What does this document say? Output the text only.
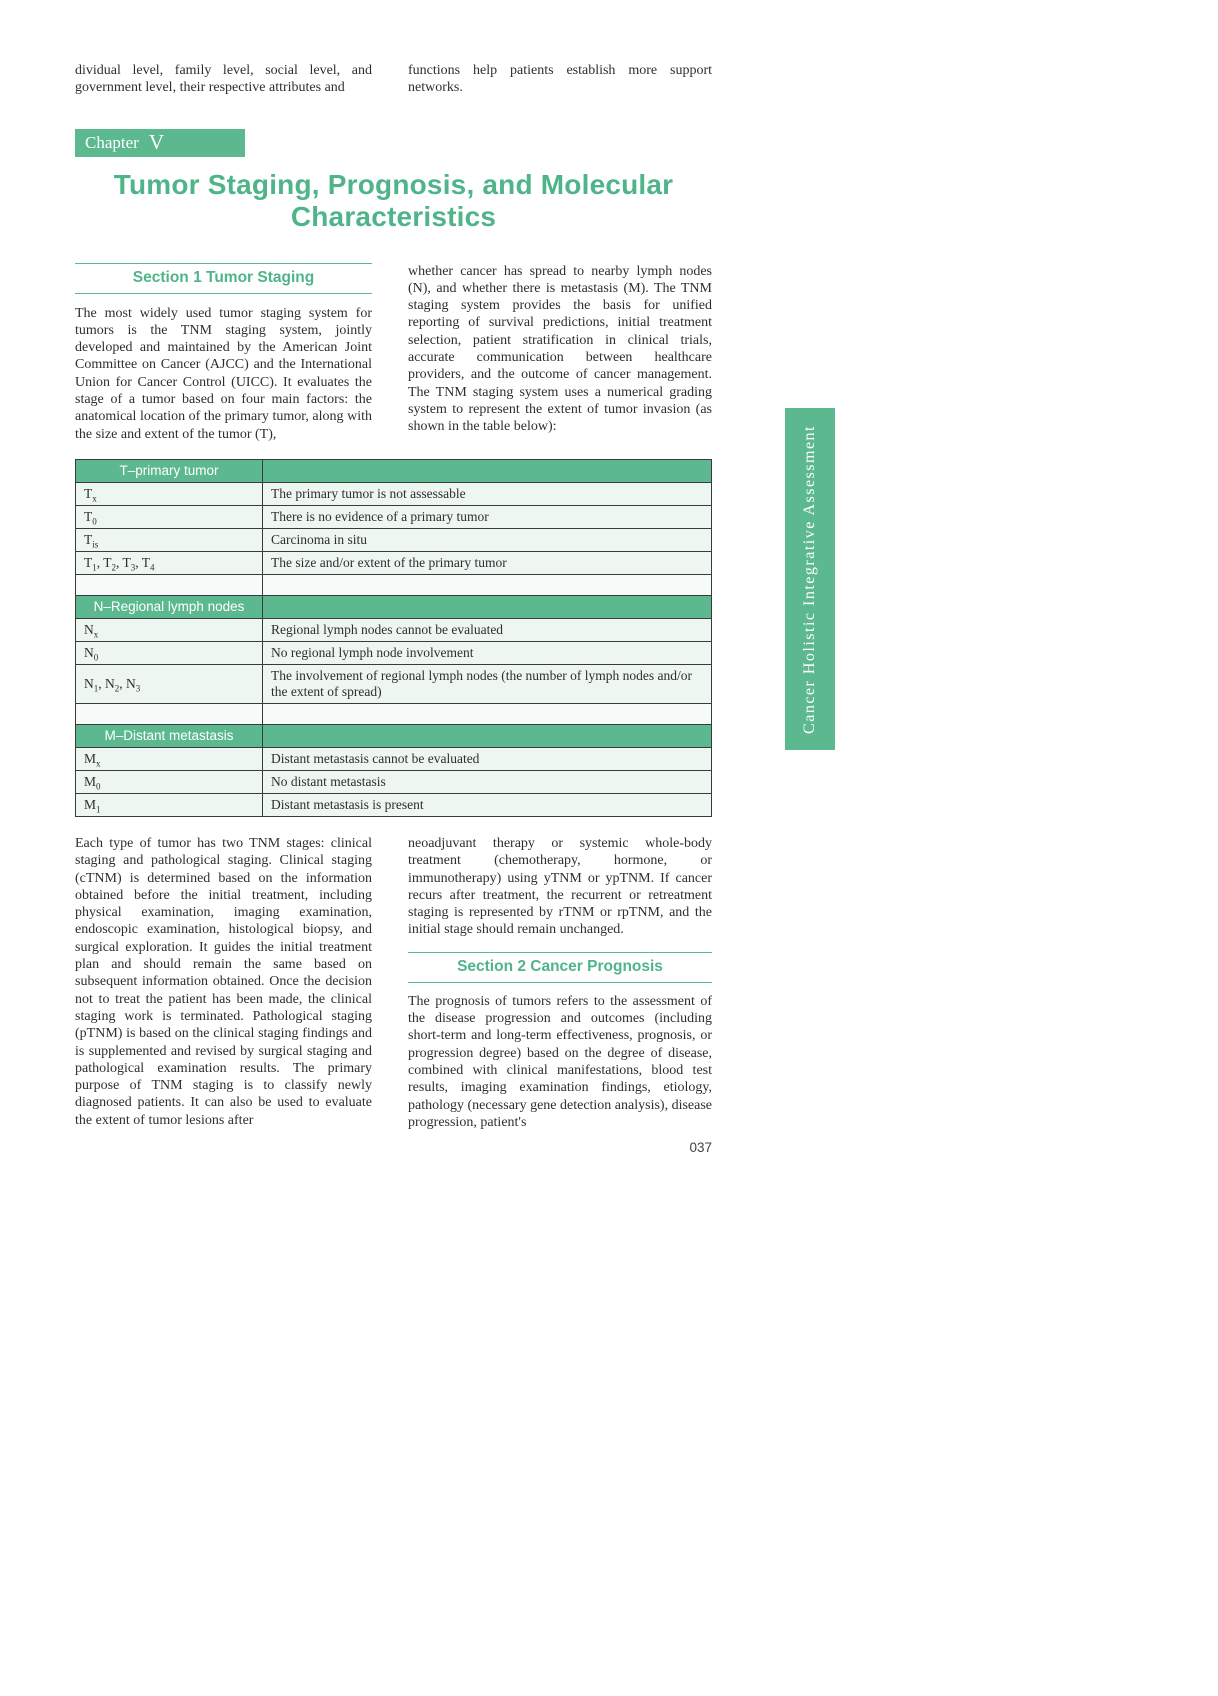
dividual level, family level, social level, and government level, their respective attributes and

functions help patients establish more support networks.

Chapter V
Tumor Staging, Prognosis, and Molecular
Characteristics
Section 1 Tumor Staging

The most widely used tumor staging system for tumors is the TNM staging system, jointly developed and maintained by the American Joint Committee on Cancer (AJCC) and the International Union for Cancer Control (UICC). It evaluates the stage of a tumor based on four main factors: the anatomical location of the primary tumor, along with the size and extent of the tumor (T),

whether cancer has spread to nearby lymph nodes (N), and whether there is metastasis (M). The TNM staging system provides the basis for unified reporting of survival predictions, initial treatment selection, patient stratification in clinical trials, accurate communication between healthcare providers, and the outcome of cancer management. The TNM staging system uses a numerical grading system to represent the extent of tumor invasion (as shown in the table below):

T–primary tumor	
$T_x$	The primary tumor is not assessable
$T_0$	There is no evidence of a primary tumor
$T_{is}$	Carcinoma in situ
$T_1$, $T_2$, $T_3$, $T_4$	The size and/or extent of the primary tumor

N–Regional lymph nodes	
$N_x$	Regional lymph nodes cannot be evaluated
$N_0$	No regional lymph node involvement
$N_1$, $N_2$, $N_3$	The involvement of regional lymph nodes (the number of lymph nodes and/or the extent of spread)

M–Distant metastasis	
$M_x$	Distant metastasis cannot be evaluated
$M_0$	No distant metastasis
$M_1$	Distant metastasis is present

Each type of tumor has two TNM stages: clinical staging and pathological staging. Clinical staging (cTNM) is determined based on the information obtained before the initial treatment, including physical examination, imaging examination, endoscopic examination, histological biopsy, and surgical exploration. It guides the initial treatment plan and should remain the same based on subsequent information obtained. Once the decision not to treat the patient has been made, the clinical staging work is terminated. Pathological staging (pTNM) is based on the clinical staging findings and is supplemented and revised by surgical staging and pathological examination results. The primary purpose of TNM staging is to classify newly diagnosed patients. It can also be used to evaluate the extent of tumor lesions after

neoadjuvant therapy or systemic whole-body treatment (chemotherapy, hormone, or immunotherapy) using yTNM or ypTNM. If cancer recurs after treatment, the recurrent or retreatment staging is represented by rTNM or rpTNM, and the initial stage should remain unchanged.

Section 2 Cancer Prognosis

The prognosis of tumors refers to the assessment of the disease progression and outcomes (including short-term and long-term effectiveness, prognosis, or progression degree) based on the degree of disease, combined with clinical manifestations, blood test results, imaging examination findings, etiology, pathology (necessary gene detection analysis), disease progression, patient's

037
Cancer Holistic Integrative Assessment
